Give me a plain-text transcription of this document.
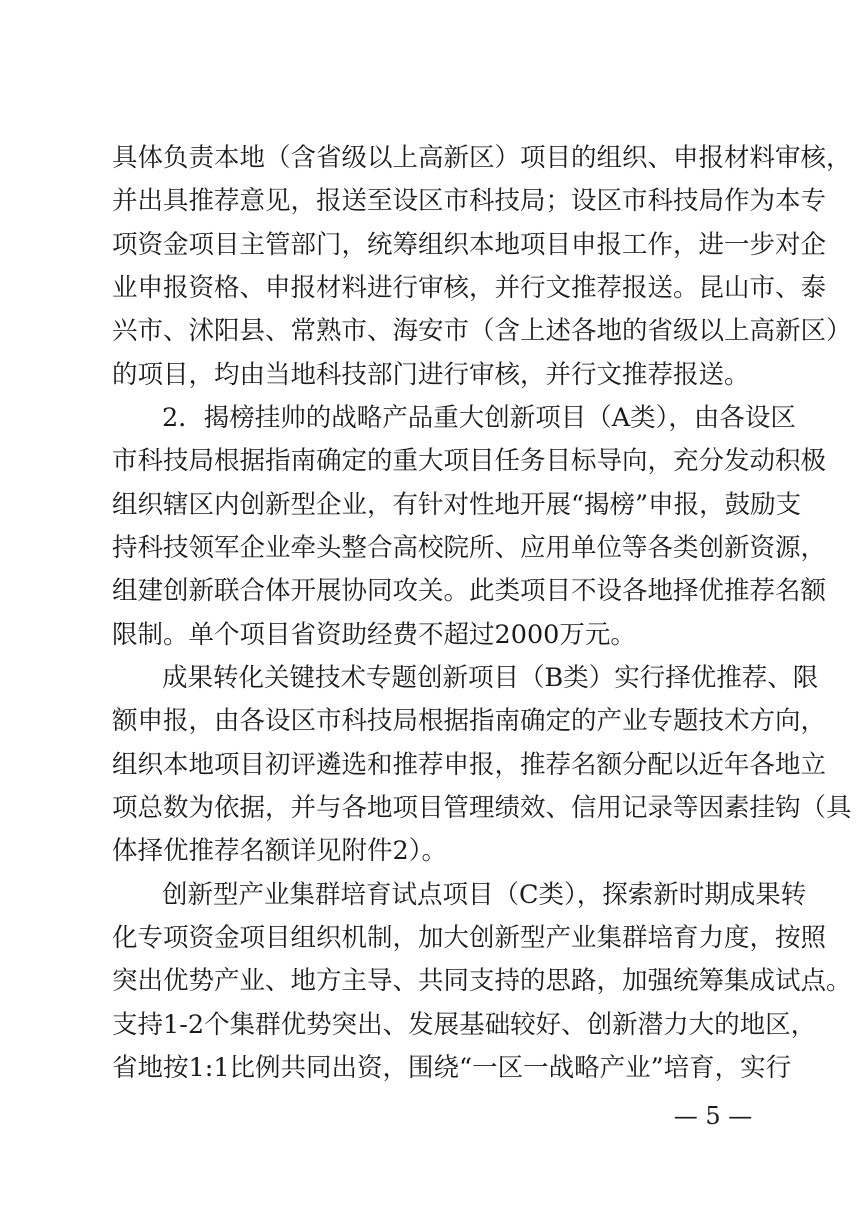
具体负责本地（含省级以上高新区）项目的组织、申报材料审核，
并出具推荐意见，报送至设区市科技局；设区市科技局作为本专
项资金项目主管部门，统筹组织本地项目申报工作，进一步对企
业申报资格、申报材料进行审核，并行文推荐报送。昆山市、泰
兴市、沭阳县、常熟市、海安市（含上述各地的省级以上高新区）
的项目，均由当地科技部门进行审核，并行文推荐报送。
2．揭榜挂帅的战略产品重大创新项目（A类），由各设区
市科技局根据指南确定的重大项目任务目标导向，充分发动积极
组织辖区内创新型企业，有针对性地开展“揭榜”申报，鼓励支
持科技领军企业牵头整合高校院所、应用单位等各类创新资源，
组建创新联合体开展协同攻关。此类项目不设各地择优推荐名额
限制。单个项目省资助经费不超过2000万元。
成果转化关键技术专题创新项目（B类）实行择优推荐、限
额申报，由各设区市科技局根据指南确定的产业专题技术方向，
组织本地项目初评遴选和推荐申报，推荐名额分配以近年各地立
项总数为依据，并与各地项目管理绩效、信用记录等因素挂钩（具
体择优推荐名额详见附件2）。
创新型产业集群培育试点项目（C类），探索新时期成果转
化专项资金项目组织机制，加大创新型产业集群培育力度，按照
突出优势产业、地方主导、共同支持的思路，加强统筹集成试点。
支持1-2个集群优势突出、发展基础较好、创新潜力大的地区，
省地按1:1比例共同出资，围绕“一区一战略产业”培育，实行
— 5 —
